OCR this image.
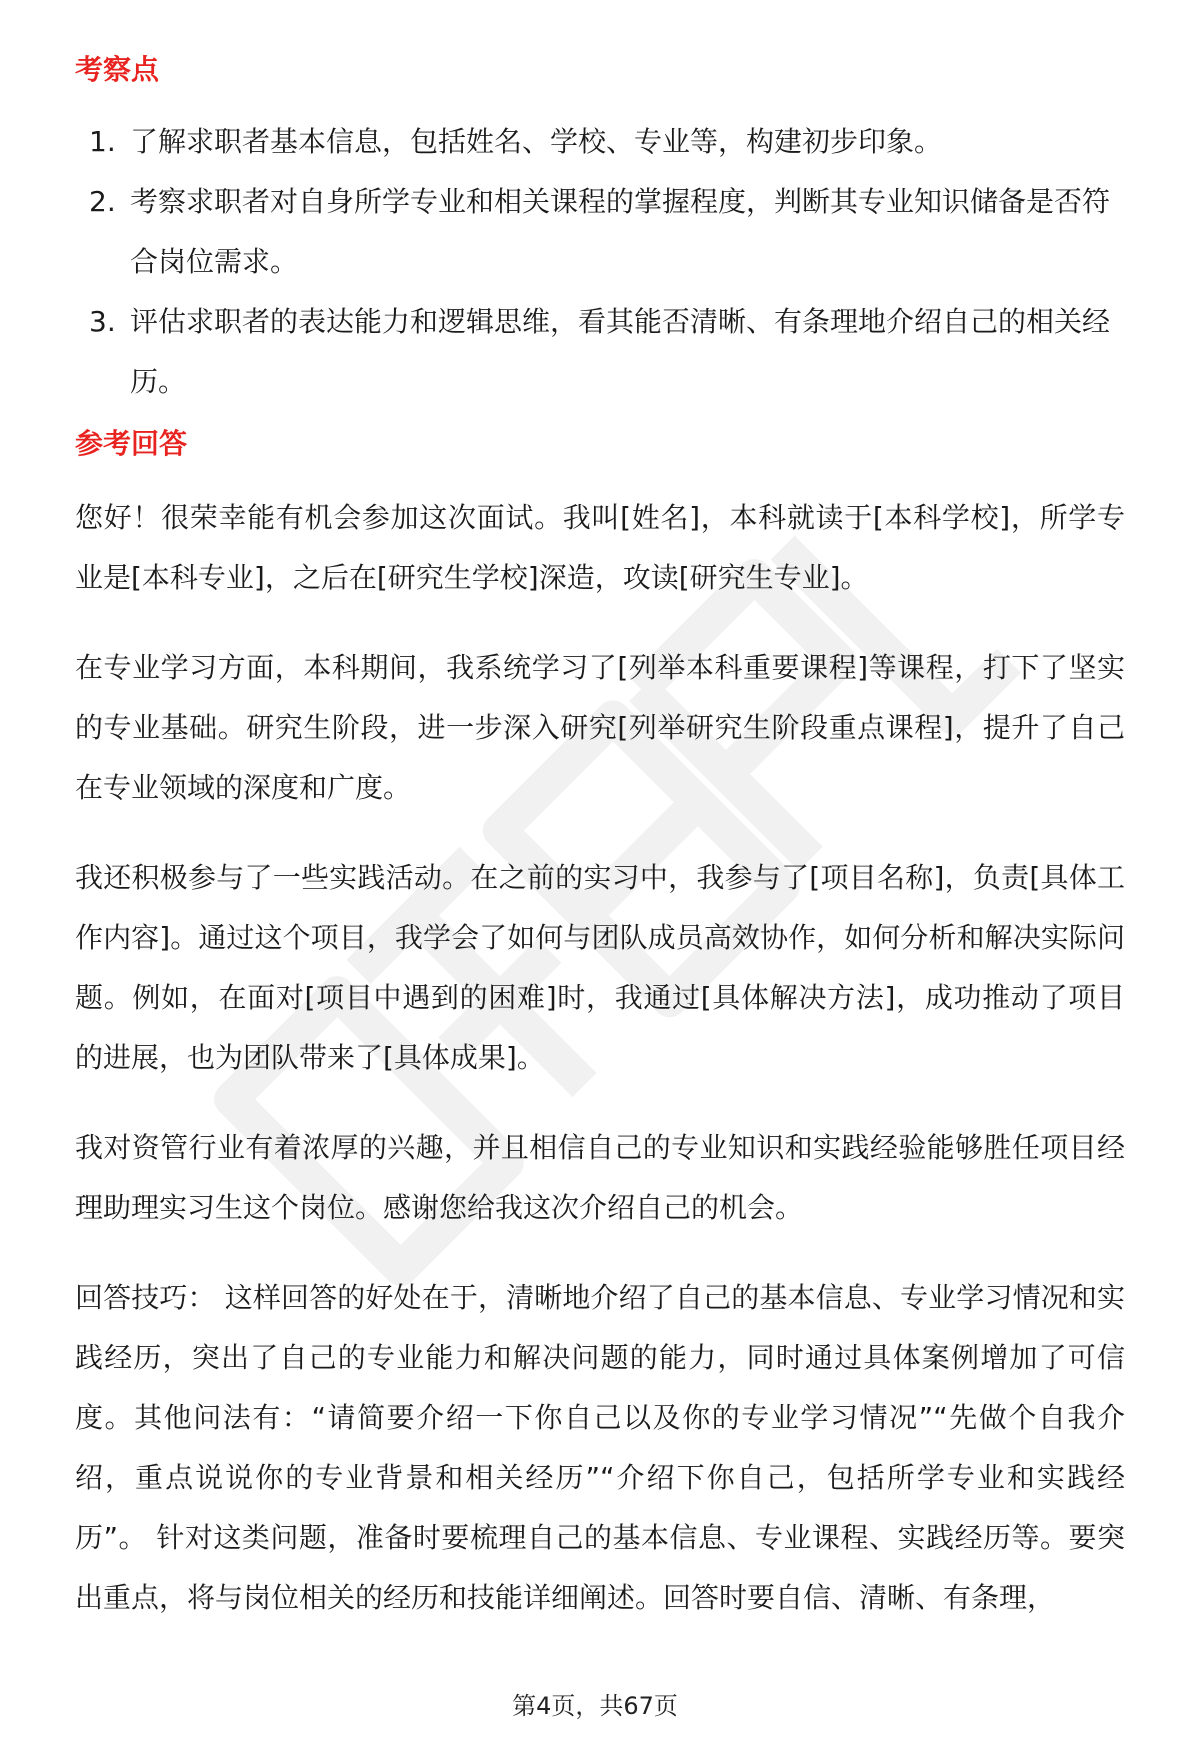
考察点
1. 了解求职者基本信息，包括姓名、学校、专业等，构建初步印象。
2. 考察求职者对自身所学专业和相关课程的掌握程度，判断其专业知识储备是否符合岗位需求。
3. 评估求职者的表达能力和逻辑思维，看其能否清晰、有条理地介绍自己的相关经历。
参考回答

您好！很荣幸能有机会参加这次面试。我叫[姓名]，本科就读于[本科学校]，所学专业是[本科专业]，之后在[研究生学校]深造，攻读[研究生专业]。

在专业学习方面，本科期间，我系统学习了[列举本科重要课程]等课程，打下了坚实的专业基础。研究生阶段，进一步深入研究[列举研究生阶段重点课程]，提升了自己在专业领域的深度和广度。

我还积极参与了一些实践活动。在之前的实习中，我参与了[项目名称]，负责[具体工作内容]。通过这个项目，我学会了如何与团队成员高效协作，如何分析和解决实际问题。例如，在面对[项目中遇到的困难]时，我通过[具体解决方法]，成功推动了项目的进展，也为团队带来了[具体成果]。

我对资管行业有着浓厚的兴趣，并且相信自己的专业知识和实践经验能够胜任项目经理助理实习生这个岗位。感谢您给我这次介绍自己的机会。

回答技巧： 这样回答的好处在于，清晰地介绍了自己的基本信息、专业学习情况和实践经历，突出了自己的专业能力和解决问题的能力，同时通过具体案例增加了可信度。其他问法有：“请简要介绍一下你自己以及你的专业学习情况”“先做个自我介绍，重点说说你的专业背景和相关经历”“介绍下你自己，包括所学专业和实践经历”。 针对这类问题，准备时要梳理自己的基本信息、专业课程、实践经历等。要突出重点，将与岗位相关的经历和技能详细阐述。回答时要自信、清晰、有条理，

第4页，共67页
